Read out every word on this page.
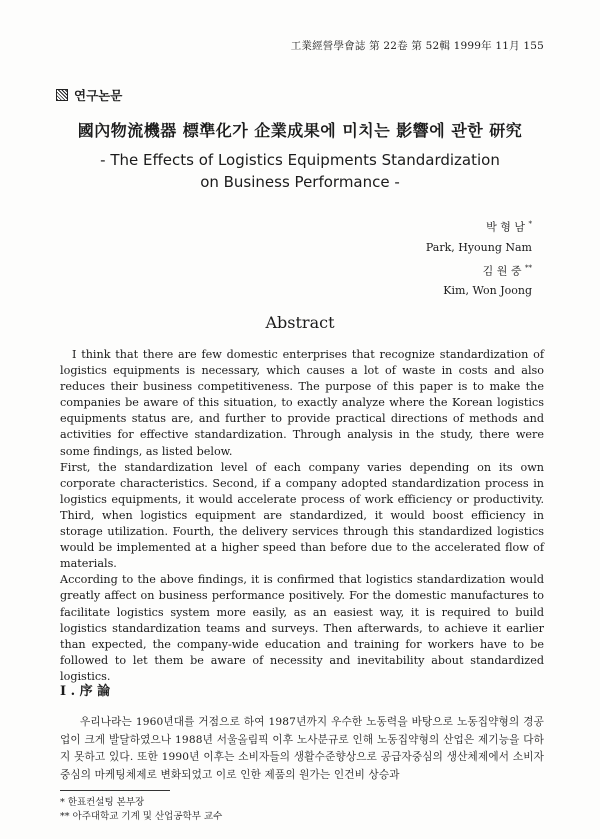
工業經營學會誌 第 22卷 第 52輯 1999年 11月 155
연구논문
國內物流機器 標準化가 企業成果에 미치는 影響에 관한 研究
- The Effects of Logistics Equipments Standardization
on Business Performance -
박 형 남 *
Park, Hyoung Nam
김 원 중 **
Kim, Won Joong
Abstract

I think that there are few domestic enterprises that recognize standardization of logistics equipments is necessary, which causes a lot of waste in costs and also reduces their business competitiveness. The purpose of this paper is to make the companies be aware of this situation, to exactly analyze where the Korean logistics equipments status are, and further to provide practical directions of methods and activities for effective standardization. Through analysis in the study, there were some findings, as listed below.

First, the standardization level of each company varies depending on its own corporate characteristics. Second, if a company adopted standardization process in logistics equipments, it would accelerate process of work efficiency or productivity. Third, when logistics equipment are standardized, it would boost efficiency in storage utilization. Fourth, the delivery services through this standardized logistics would be implemented at a higher speed than before due to the accelerated flow of materials.

According to the above findings, it is confirmed that logistics standardization would greatly affect on business performance positively. For the domestic manufactures to facilitate logistics system more easily, as an easiest way, it is required to build logistics standardization teams and surveys. Then afterwards, to achieve it earlier than expected, the company-wide education and training for workers have to be followed to let them be aware of necessity and inevitability about standardized logistics.

I . 序 論

우리나라는 1960년대를 거점으로 하여 1987년까지 우수한 노동력을 바탕으로 노동집약형의 경공업이 크게 발달하였으나 1988년 서울올림픽 이후 노사분규로 인해 노동집약형의 산업은 제기능을 다하지 못하고 있다. 또한 1990년 이후는 소비자들의 생활수준향상으로 공급자중심의 생산체제에서 소비자중심의 마케팅체제로 변화되었고 이로 인한 제품의 원가는 인건비 상승과

* 한표컨설팅 본부장
** 아주대학교 기계 및 산업공학부 교수
